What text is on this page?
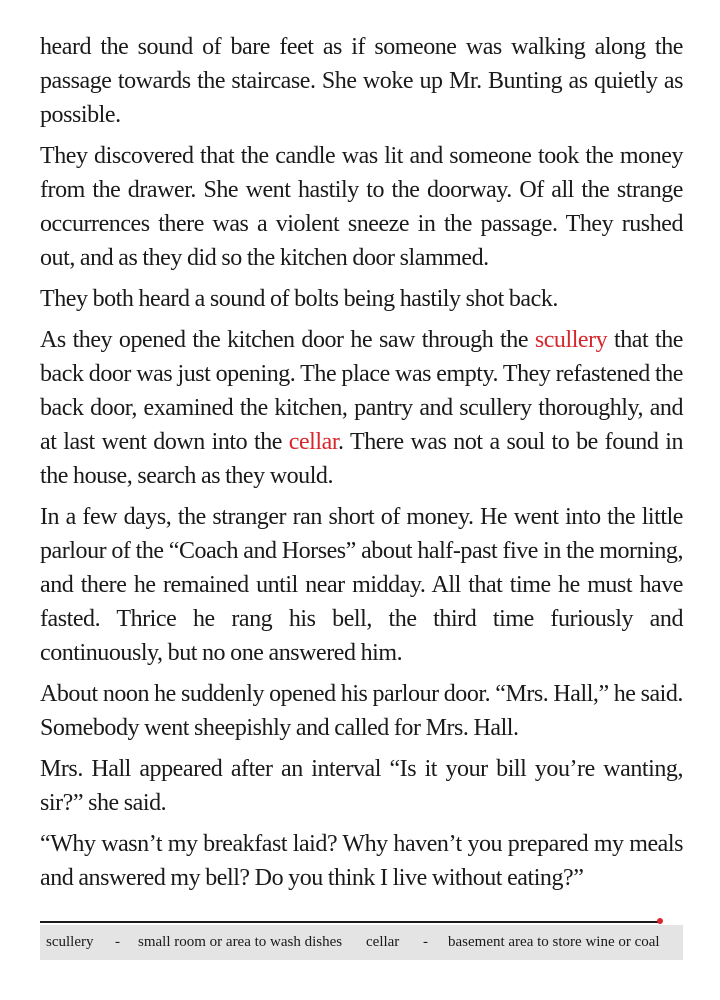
heard the sound of bare feet as if someone was walking along the passage towards the staircase. She woke up Mr. Bunting as quietly as possible.

They discovered that the candle was lit and someone took the money from the drawer. She went hastily to the doorway. Of all the strange occurrences there was a violent sneeze in the passage. They rushed out, and as they did so the kitchen door slammed.

They both heard a sound of bolts being hastily shot back.

As they opened the kitchen door he saw through the scullery that the back door was just opening. The place was empty. They refastened the back door, examined the kitchen, pantry and scullery thoroughly, and at last went down into the cellar. There was not a soul to be found in the house, search as they would.

In a few days, the stranger ran short of money. He went into the little parlour of the “Coach and Horses” about half-past five in the morning, and there he remained until near midday. All that time he must have fasted. Thrice he rang his bell, the third time furiously and continuously, but no one answered him.

About noon he suddenly opened his parlour door. “Mrs. Hall,” he said. Somebody went sheepishly and called for Mrs. Hall.

Mrs. Hall appeared after an interval “Is it your bill you’re wanting, sir?” she said.

“Why wasn’t my breakfast laid? Why haven’t you prepared my meals and answered my bell? Do you think I live without eating?”

scullery - small room or area to wash dishes cellar - basement area to store wine or coal
